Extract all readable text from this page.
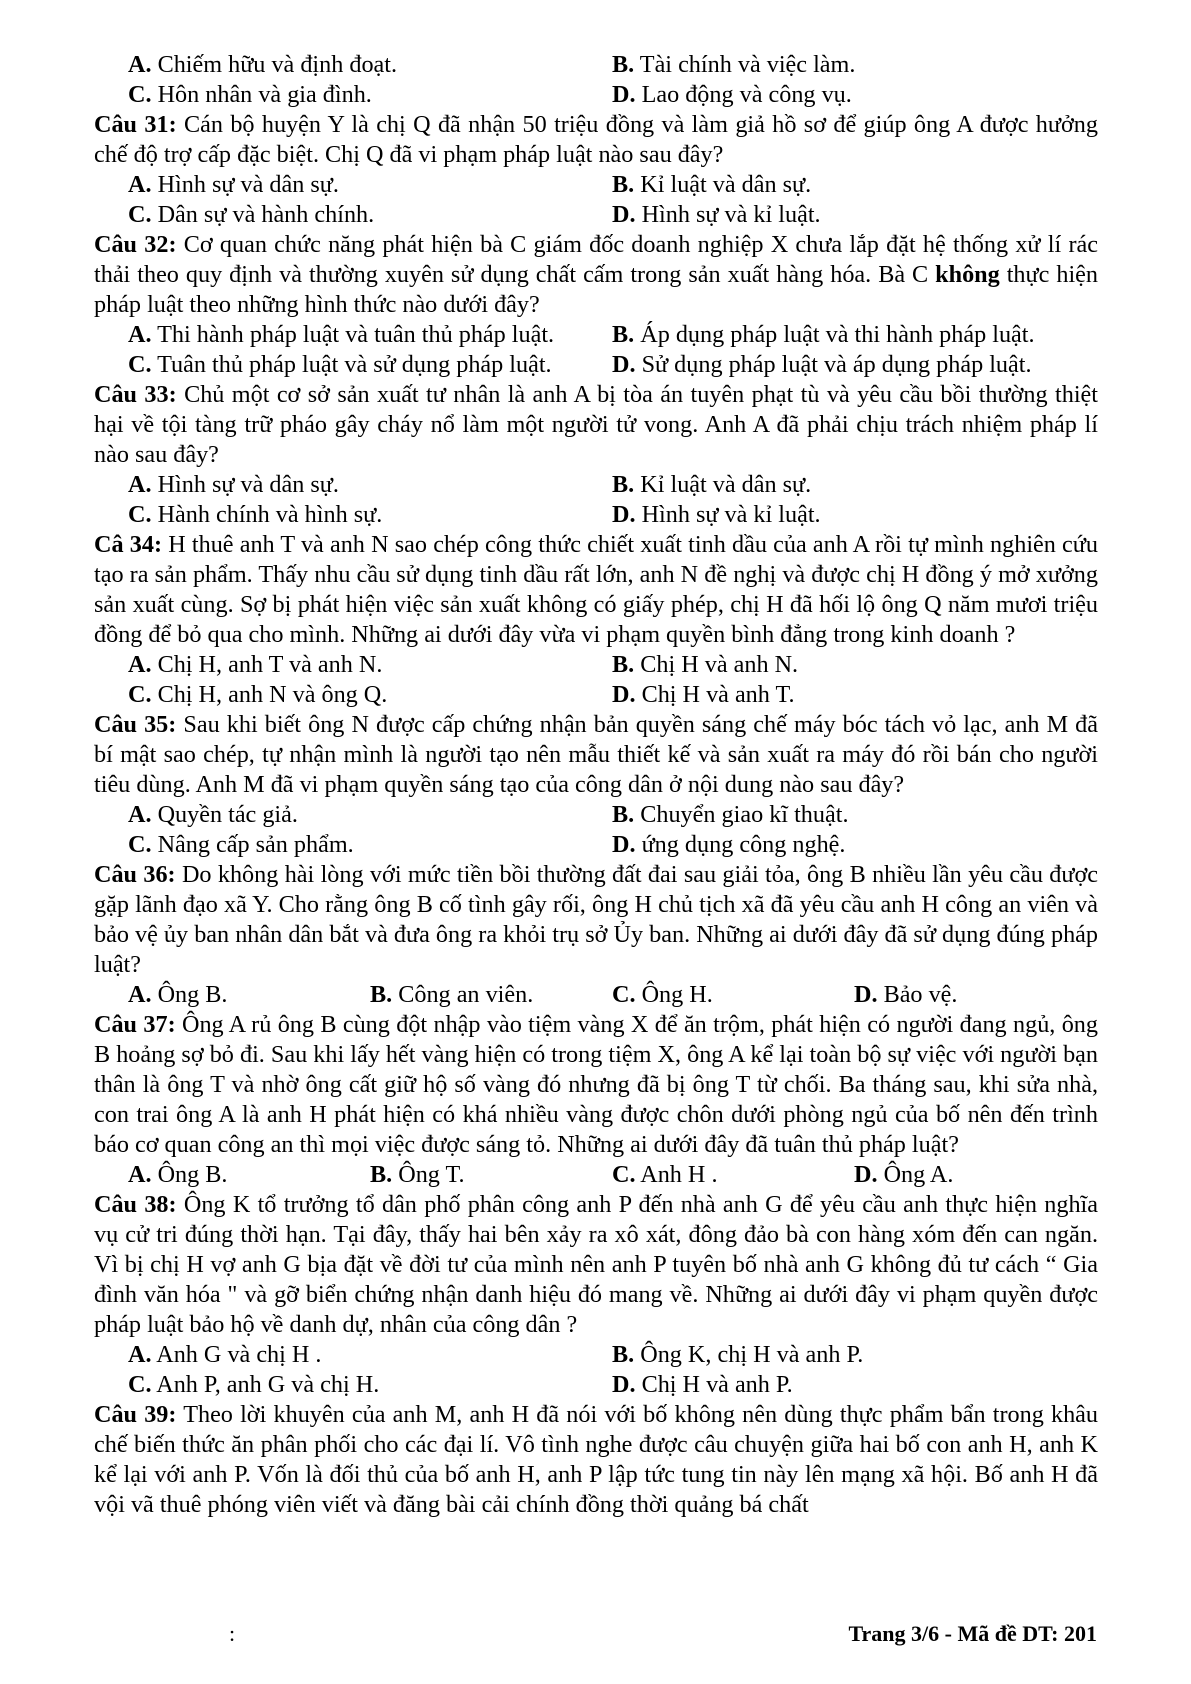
A. Chiếm hữu và định đoạt.	B. Tài chính và việc làm.
C. Hôn nhân và gia đình.	D. Lao động và công vụ.

Câu 31: Cán bộ huyện Y là chị Q đã nhận 50 triệu đồng và làm giả hồ sơ để giúp ông A được hưởng chế độ trợ cấp đặc biệt. Chị Q đã vi phạm pháp luật nào sau đây?

A. Hình sự và dân sự.	B. Kỉ luật và dân sự.
C. Dân sự và hành chính.	D. Hình sự và kỉ luật.

Câu 32: Cơ quan chức năng phát hiện bà C giám đốc doanh nghiệp X chưa lắp đặt hệ thống xử lí rác thải theo quy định và thường xuyên sử dụng chất cấm trong sản xuất hàng hóa. Bà C không thực hiện pháp luật theo những hình thức nào dưới đây?

A. Thi hành pháp luật và tuân thủ pháp luật.	B. Áp dụng pháp luật và thi hành pháp luật.
C. Tuân thủ pháp luật và sử dụng pháp luật.	D. Sử dụng pháp luật và áp dụng pháp luật.

Câu 33: Chủ một cơ sở sản xuất tư nhân là anh A bị tòa án tuyên phạt tù và yêu cầu bồi thường thiệt hại về tội tàng trữ pháo gây cháy nổ làm một người tử vong. Anh A đã phải chịu trách nhiệm pháp lí nào sau đây?

A. Hình sự và dân sự.	B. Kỉ luật và dân sự.
C. Hành chính và hình sự.	D. Hình sự và kỉ luật.

Câ 34: H thuê anh T và anh N sao chép công thức chiết xuất tinh dầu của anh A rồi tự mình nghiên cứu tạo ra sản phẩm. Thấy nhu cầu sử dụng tinh dầu rất lớn, anh N đề nghị và được chị H đồng ý mở xưởng sản xuất cùng. Sợ bị phát hiện việc sản xuất không có giấy phép, chị H đã hối lộ ông Q năm mươi triệu đồng để bỏ qua cho mình. Những ai dưới đây vừa vi phạm quyền bình đẳng trong kinh doanh ?

A. Chị H, anh T và anh N.	B. Chị H và anh N.
C. Chị H, anh N và ông Q.	D. Chị H và anh T.

Câu 35: Sau khi biết ông N được cấp chứng nhận bản quyền sáng chế máy bóc tách vỏ lạc, anh M đã bí mật sao chép, tự nhận mình là người tạo nên mẫu thiết kế và sản xuất ra máy đó rồi bán cho người tiêu dùng. Anh M đã vi phạm quyền sáng tạo của công dân ở nội dung nào sau đây?

A. Quyền tác giả.	B. Chuyển giao kĩ thuật.
C. Nâng cấp sản phẩm.	D. ứng dụng công nghệ.

Câu 36: Do không hài lòng với mức tiền bồi thường đất đai sau giải tỏa, ông B nhiều lần yêu cầu được gặp lãnh đạo xã Y. Cho rằng ông B cố tình gây rối, ông H chủ tịch xã đã yêu cầu anh H công an viên và bảo vệ ủy ban nhân dân bắt và đưa ông ra khỏi trụ sở Ủy ban. Những ai dưới đây đã sử dụng đúng pháp luật?

A. Ông B.	B. Công an viên.	C. Ông H.	D. Bảo vệ.

Câu 37: Ông A rủ ông B cùng đột nhập vào tiệm vàng X để ăn trộm, phát hiện có người đang ngủ, ông B hoảng sợ bỏ đi. Sau khi lấy hết vàng hiện có trong tiệm X, ông A kể lại toàn bộ sự việc với người bạn thân là ông T và nhờ ông cất giữ hộ số vàng đó nhưng đã bị ông T từ chối. Ba tháng sau, khi sửa nhà, con trai ông A là anh H phát hiện có khá nhiều vàng được chôn dưới phòng ngủ của bố nên đến trình báo cơ quan công an thì mọi việc được sáng tỏ. Những ai dưới đây đã tuân thủ pháp luật?

A. Ông B.	B. Ông T.	C. Anh H .	D. Ông A.

Câu 38: Ông K tổ trưởng tổ dân phố phân công anh P đến nhà anh G để yêu cầu anh thực hiện nghĩa vụ cử tri đúng thời hạn. Tại đây, thấy hai bên xảy ra xô xát, đông đảo bà con hàng xóm đến can ngăn. Vì bị chị H vợ anh G bịa đặt về đời tư của mình nên anh P tuyên bố nhà anh G không đủ tư cách “ Gia đình văn hóa " và gỡ biển chứng nhận danh hiệu đó mang về. Những ai dưới đây vi phạm quyền được pháp luật bảo hộ về danh dự, nhân của công dân ?

A. Anh G và chị H .	B. Ông K, chị H và anh P.
C. Anh P, anh G và chị H.	D. Chị H và anh P.

Câu 39: Theo lời khuyên của anh M, anh H đã nói với bố không nên dùng thực phẩm bẩn trong khâu chế biến thức ăn phân phối cho các đại lí. Vô tình nghe được câu chuyện giữa hai bố con anh H, anh K kể lại với anh P. Vốn là đối thủ của bố anh H, anh P lập tức tung tin này lên mạng xã hội. Bố anh H đã vội vã thuê phóng viên viết và đăng bài cải chính đồng thời quảng bá chất

:	Trang 3/6 - Mã đề DT: 201
